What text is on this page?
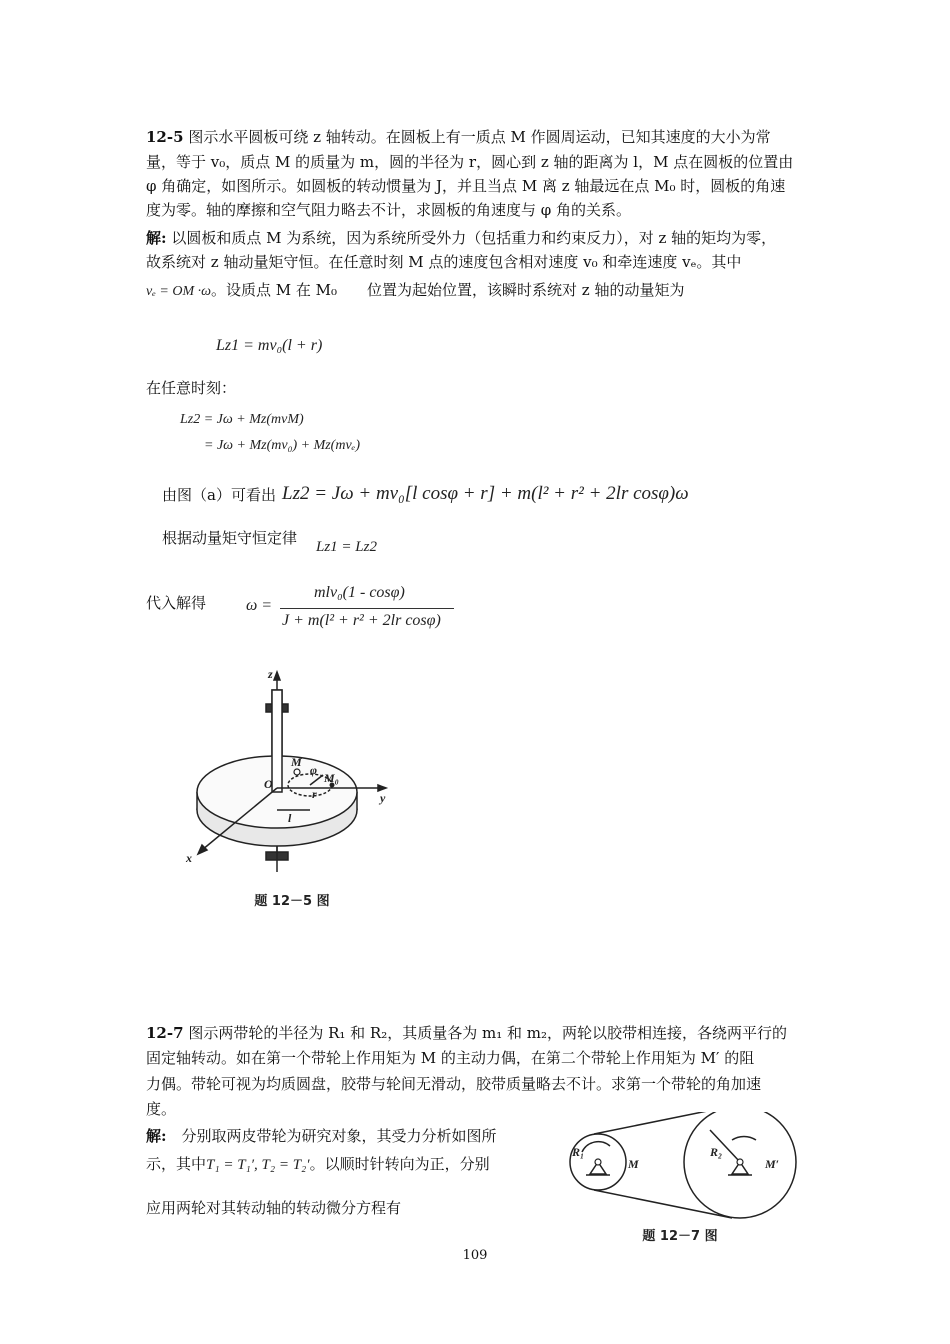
12-5 图示水平圆板可绕 z 轴转动。在圆板上有一质点 M 作圆周运动，已知其速度的大小为常
量，等于 v₀，质点 M 的质量为 m，圆的半径为 r，圆心到 z 轴的距离为 l，M 点在圆板的位置由
φ 角确定，如图所示。如圆板的转动惯量为 J，并且当点 M 离 z 轴最远在点 M₀ 时，圆板的角速
度为零。轴的摩擦和空气阻力略去不计，求圆板的角速度与 φ 角的关系。
解: 以圆板和质点 M 为系统，因为系统所受外力（包括重力和约束反力），对 z 轴的矩均为零，
故系统对 z 轴动量矩守恒。在任意时刻 M 点的速度包含相对速度 v₀ 和牵连速度 vₑ。其中
vₑ = OM ·ω。设质点 M 在 M₀　　位置为起始位置，该瞬时系统对 z 轴的动量矩为
Lz1 = mv₀(l + r)
在任意时刻：
Lz2 = Jω + Mz(mvM)
= Jω + Mz(mv₀) + Mz(mvₑ)
由图（a）可看出 Lz2 = Jω + mv₀[l cosφ + r] + m(l² + r² + 2lr cosφ)ω
根据动量矩守恒定律 Lz1 = Lz2
代入解得 ω =
mlv₀(1 - cosφ)
J + m(l² + r² + 2lr cosφ)
z
M
φ
M₀
O
r	y
l
x
题 12－5 图
12-7 图示两带轮的半径为 R₁ 和 R₂，其质量各为 m₁ 和 m₂，两轮以胶带相连接，各绕两平行的
固定轴转动。如在第一个带轮上作用矩为 M 的主动力偶，在第二个带轮上作用矩为 M′ 的阻
力偶。带轮可视为均质圆盘，胶带与轮间无滑动，胶带质量略去不计。求第一个带轮的角加速
度。
解:　分别取两皮带轮为研究对象，其受力分析如图所
示，其中T₁ = T₁′, T₂ = T₂′。以顺时针转向为正，分别
应用两轮对其转动轴的转动微分方程有
R₁
M
R₂
M′
题 12－7 图
109
